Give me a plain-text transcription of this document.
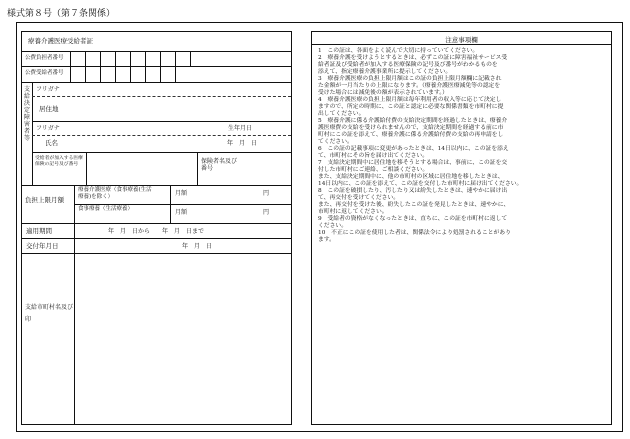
様式第８号（第７条関係）
療養介護医療受給者証
公費負担者番号
公費受給者番号
支給決定障害者等
フリガナ
居住地
フリガナ	生年月日
氏名	年　月　日
受給者が加入する医療保険の記号及び番号	保険者名及び番号
負担上限月額
療養介護医療（食事療養(生活療養)を除く）	月額	円
食事療養（生活療養）	月額	円
適用期間	年　月　日から　　年　月　日まで
交付年月日	年　月　日
支給市町村名及び印
注意事項欄
1　この証は、各面をよく読んで大切に持っていてください。
2　療養介護を受けようとするときは、必ずこの証に障害福祉サービス受
給者証及び受給者が加入する医療保険の記号及び番号がわかるものを
添えて、指定療養介護事業所に提示してください。
3　療養介護医療の負担上限月額はこの証の負担上限月額欄に記載され
た金額が一月当たりの上限になります。（療養介護医療減免等の認定を
受けた場合には減免後の額が表示されています。）
4　療養介護医療の負担上限月額は毎年利用者の収入等に応じて決定し
ますので、所定の時期に、この証と認定に必要な関係書類を市町村に提
出してください。
5　療養介護に係る介護給付費の支給決定期間を経過したときは、療養介
護医療費の支給を受けられませんので、支給決定期間を経過する前に市
町村にこの証を添えて、療養介護に係る介護給付費の支給の再申請をし
てください。
6　この証の記載事項に変更があったときは、14日以内に、この証を添え
て、市町村にその旨を届け出てください。
7　支給決定期間中に居住地を移そうとする場合は、事前に、この証を交
付した市町村にご連絡、ご相談ください。
また、支給決定期間中に、他の市町村の区域に居住地を移したときは、
14日以内に、この証を添えて、この証を交付した市町村に届け出てください。
8　この証を破損したり、汚したり又は紛失したときは、速やかに届け出
て、再交付を受けてください。
また、再交付を受けた後、紛失したこの証を発見したときは、速やかに、
市町村に返してください。
9　受給者の資格がなくなったときは、直ちに、この証を市町村に返して
ください。
10　不正にこの証を使用した者は、関係法令により処罰されることがあり
ます。
